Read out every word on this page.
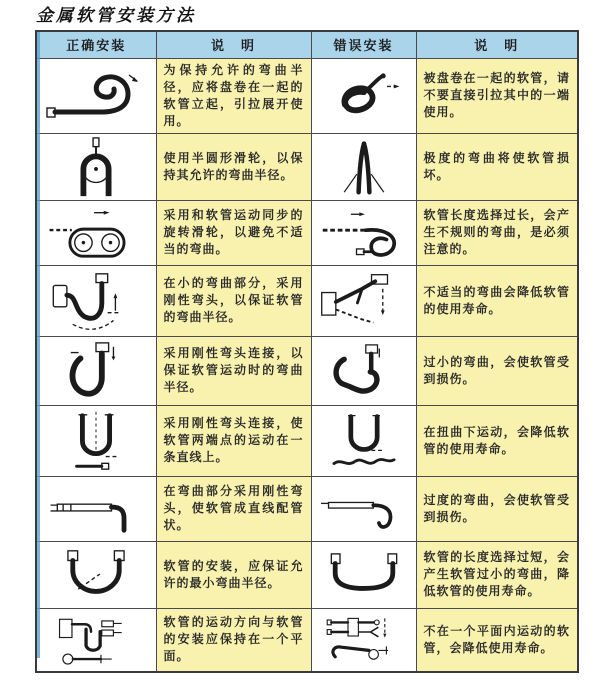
金属软管安装方法
正确安装	说　明	错误安装	说　明

	为保持允许的弯曲半径，应将盘卷在一起的软管立起，引拉展开使用。		被盘卷在一起的软管，请不要直接引拉其中的一端使用。

	使用半圆形滑轮，以保持其允许的弯曲半径。		极度的弯曲将使软管损坏。

	采用和软管运动同步的旋转滑轮，以避免不适当的弯曲。		软管长度选择过长，会产生不规则的弯曲，是必须注意的。

	在小的弯曲部分，采用刚性弯头，以保证软管的弯曲半径。		不适当的弯曲会降低软管的使用寿命。

	采用刚性弯头连接，以保证软管运动时的弯曲半径。		过小的弯曲，会使软管受到损伤。

	采用刚性弯头连接，使软管两端点的运动在一条直线上。		在扭曲下运动，会降低软管的使用寿命。

	在弯曲部分采用刚性弯头，使软管成直线配管状。		过度的弯曲，会使软管受到损伤。

	软管的安装，应保证允许的最小弯曲半径。		软管的长度选择过短，会产生软管过小的弯曲，降低软管的使用寿命。

	软管的运动方向与软管的安装应保持在一个平面。		不在一个平面内运动的软管，会降低使用寿命。
